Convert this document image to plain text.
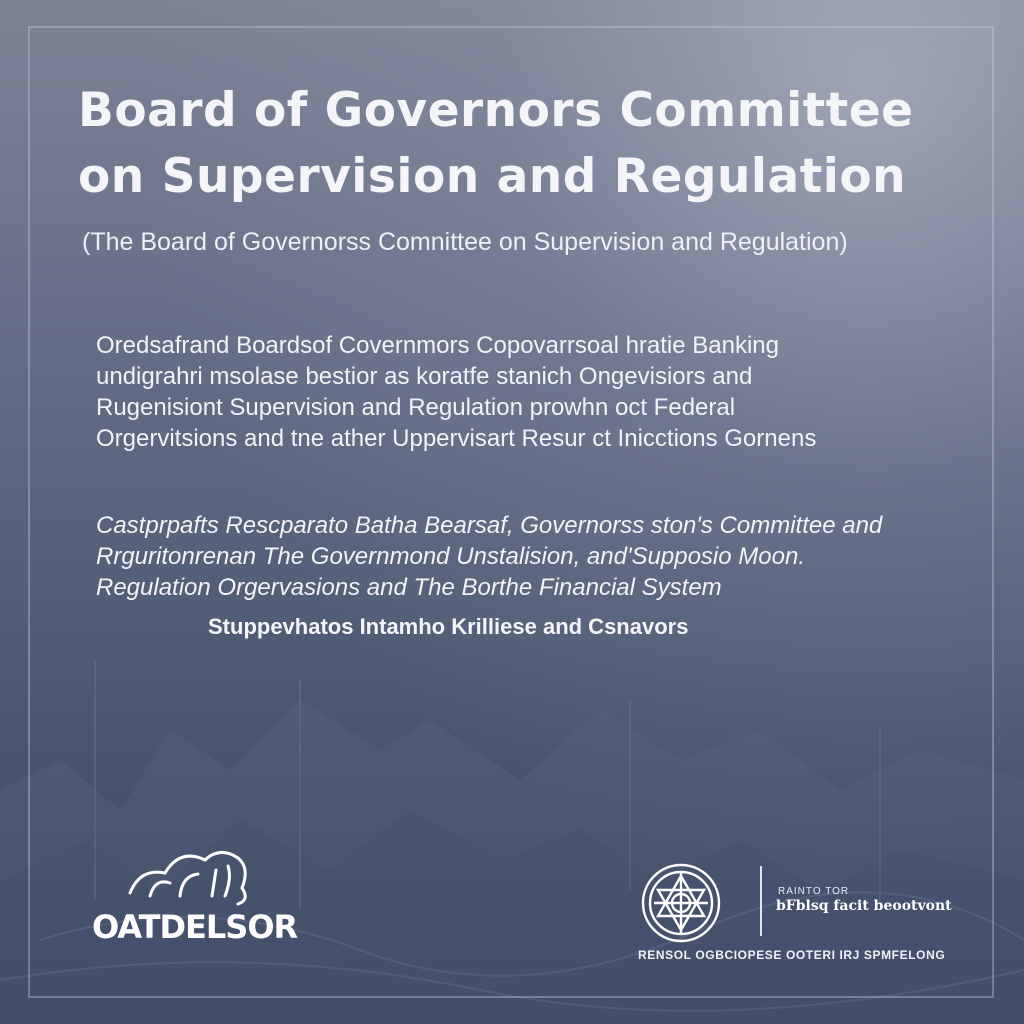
Board of Governors Committee
on Supervision and Regulation

(The Board of Governorss Comnittee on Supervision and Regulation)

Oredsafrand Boardsof Covernmors Copovarrsoal hratie Banking
undigrahri msolase bestior as koratfe stanich Ongevisiors and
Rugenisiont Supervision and Regulation prowhn oct Federal
Orgervitsions and tne ather Uppervisart Resur ct Inicctions Gornens

Castprpafts Rescparato Batha Bearsaf, Governorss ston's Committee and
Rrguritonrenan The Governmond Unstalision, and'Supposio Moon.
Regulation Orgervasions and The Borthe Financial System

Stuppevhatos Intamho Krilliese and Csnavors

OATDELSOR
RAINTO TOR
bFblsq facit beootvont
RENSOL OGBCIOPESE OOTERI IRJ SPMFELONG
